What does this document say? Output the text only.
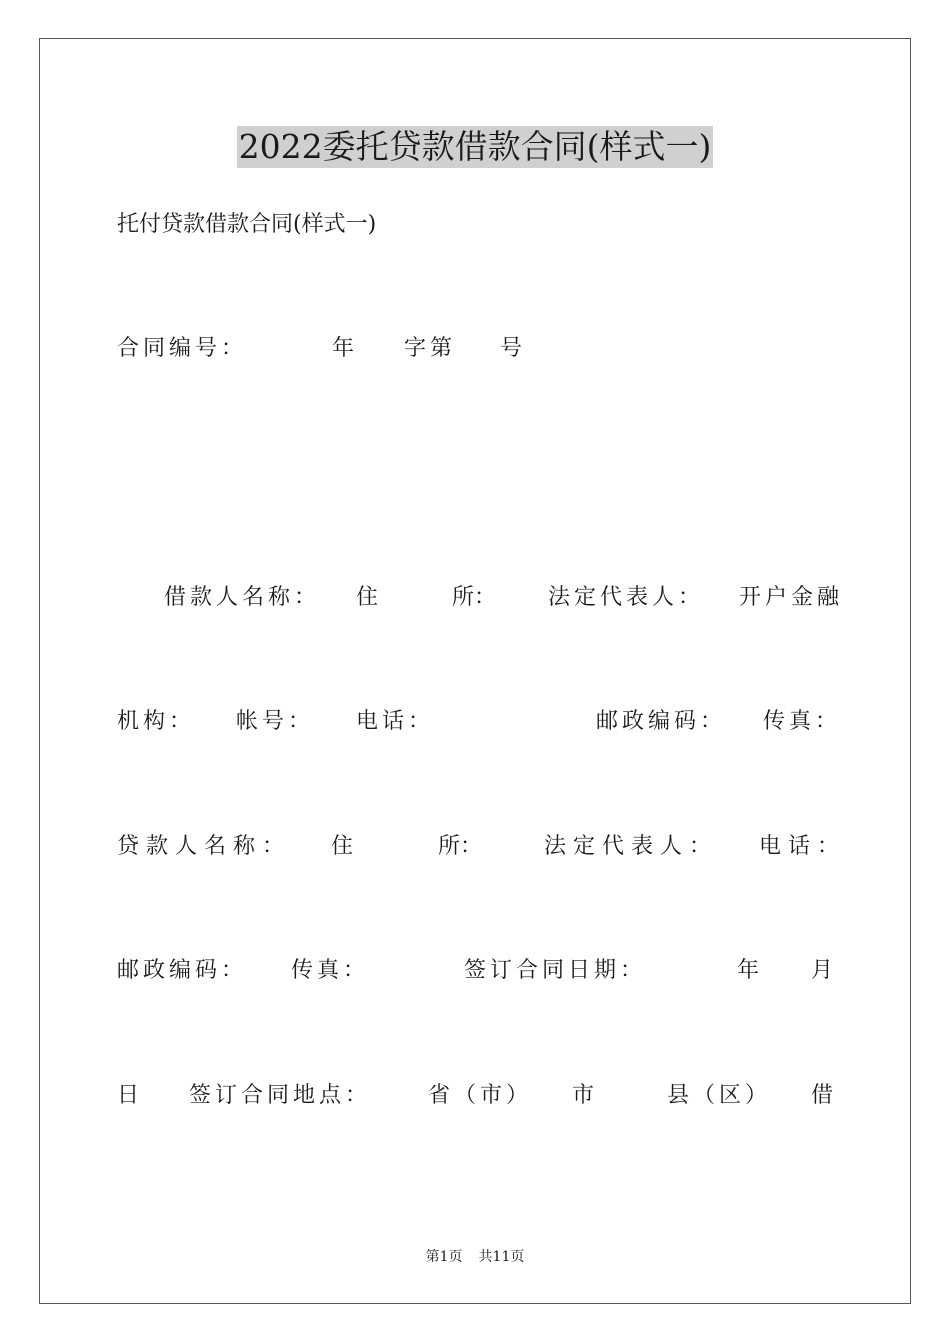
2022委托贷款借款合同(样式一)
托付贷款借款合同(样式一)
合同编号：	年 字第 号
借款人名称： 住	所： 法定代表人： 开户金融
机构： 帐号： 电话：	邮政编码： 传真：
贷款人名称： 住	所：	法定代表人： 电话：
邮政编码： 传真：	签订合同日期：	年 月
日 签订合同地点：	省（市） 市	县（区） 借
第1页 共11页
